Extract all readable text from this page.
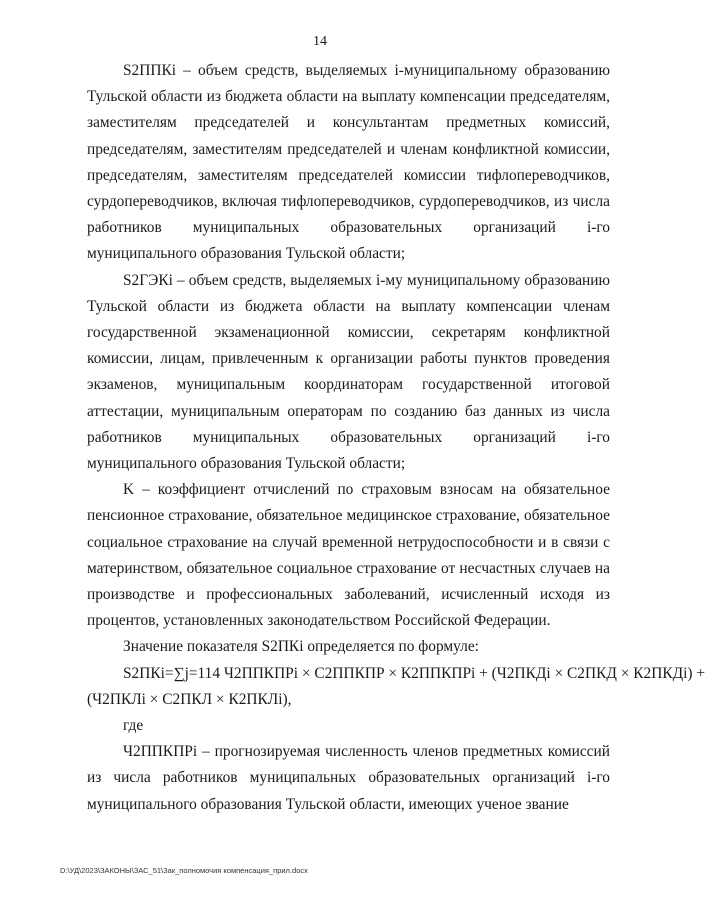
14

S2ППКi – объем средств, выделяемых i-муниципальному образованию Тульской области из бюджета области на выплату компенсации председателям, заместителям председателей и консультантам предметных комиссий, председателям, заместителям председателей и членам конфликтной комиссии, председателям, заместителям председателей комиссии тифлопереводчиков, сурдопереводчиков, включая тифлопереводчиков, сурдопереводчиков, из числа работников муниципальных образовательных организаций i-го муниципального образования Тульской области;

S2ГЭКi – объем средств, выделяемых i-му муниципальному образованию Тульской области из бюджета области на выплату компенсации членам государственной экзаменационной комиссии, секретарям конфликтной комиссии, лицам, привлеченным к организации работы пунктов проведения экзаменов, муниципальным координаторам государственной итоговой аттестации, муниципальным операторам по созданию баз данных из числа работников муниципальных образовательных организаций i-го муниципального образования Тульской области;

K – коэффициент отчислений по страховым взносам на обязательное пенсионное страхование, обязательное медицинское страхование, обязательное социальное страхование на случай временной нетрудоспособности и в связи с материнством, обязательное социальное страхование от несчастных случаев на производстве и профессиональных заболеваний, исчисленный исходя из процентов, установленных законодательством Российской Федерации.

Значение показателя S2ПКi определяется по формуле:

S2ПКi=∑j=114 Ч2ППКПРi × С2ППКПР × К2ППКПРi + (Ч2ПКДi × С2ПКД × К2ПКДi) +

(Ч2ПКЛi × С2ПКЛ × К2ПКЛi),

где

Ч2ППКПРi – прогнозируемая численность членов предметных комиссий из числа работников муниципальных образовательных организаций i-го муниципального образования Тульской области, имеющих ученое звание

D:\УД\2023\ЗАКОНЫ\ЗАС_51\Зак_полномочия компенсация_прил.docx
